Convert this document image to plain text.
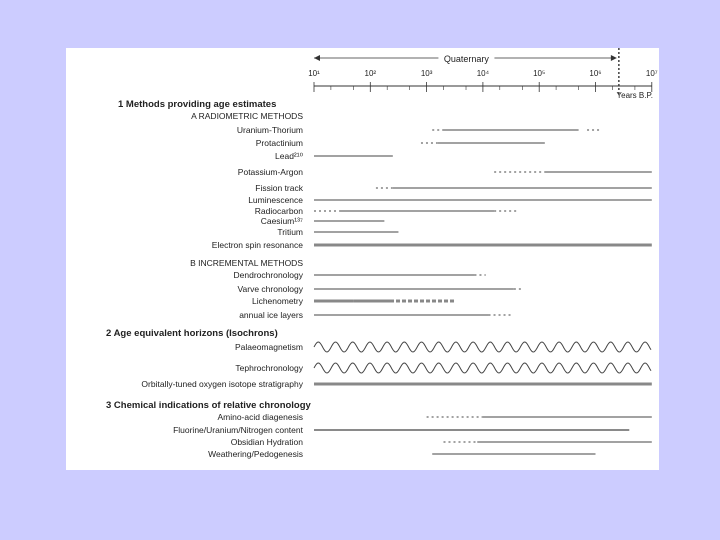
Quaternary
10¹	10²	10³	10⁴	10⁵	10⁶	10⁷
Years B.P.
1 Methods providing age estimates
A RADIOMETRIC METHODS
Uranium-Thorium
Protactinium
Lead²¹⁰
Potassium-Argon
Fission track
Luminescence
Radiocarbon
Caesium¹³⁷
Tritium
Electron spin resonance
B INCREMENTAL METHODS
Dendrochronology
Varve chronology
Lichenometry
annual ice layers
2 Age equivalent horizons (Isochrons)
Palaeomagnetism
Tephrochronology
Orbitally-tuned oxygen isotope stratigraphy
3 Chemical indications of relative chronology
Amino-acid diagenesis
Fluorine/Uranium/Nitrogen content
Obsidian Hydration
Weathering/Pedogenesis
